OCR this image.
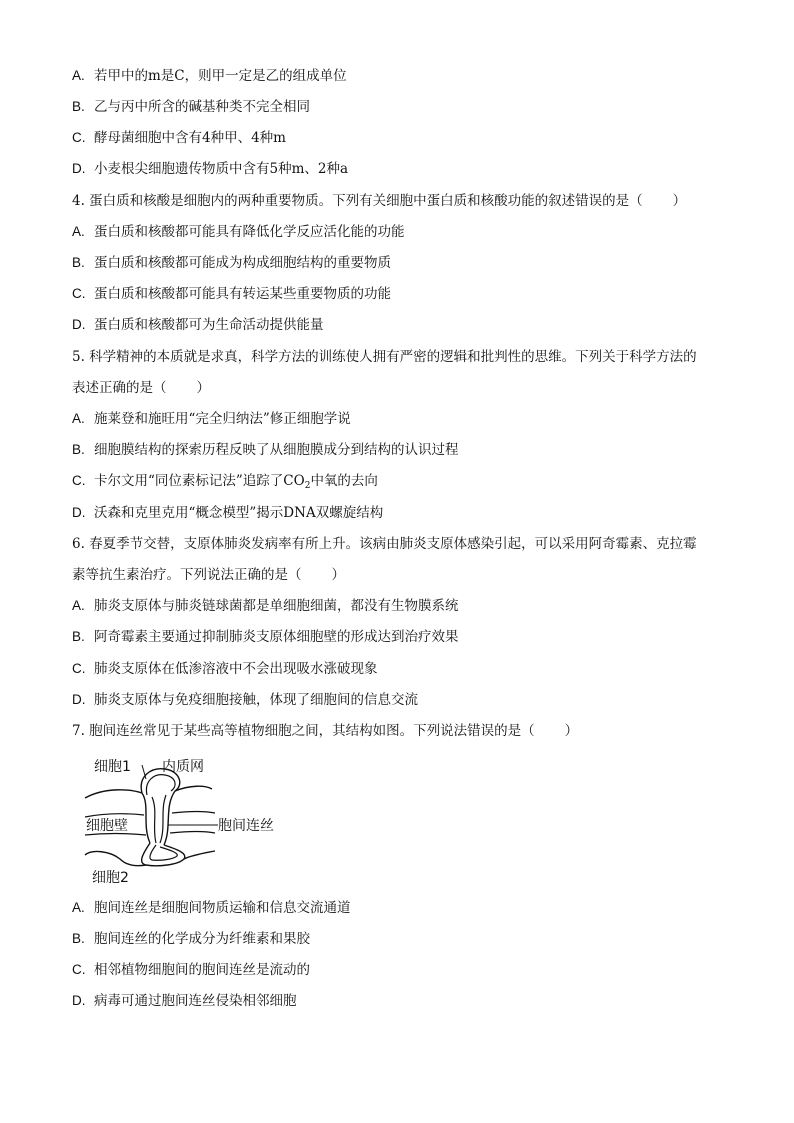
A. 若甲中的m是C，则甲一定是乙的组成单位
B. 乙与丙中所含的碱基种类不完全相同
C. 酵母菌细胞中含有4种甲、4种m
D. 小麦根尖细胞遗传物质中含有5种m、2种a
4. 蛋白质和核酸是细胞内的两种重要物质。下列有关细胞中蛋白质和核酸功能的叙述错误的是（ ）
A. 蛋白质和核酸都可能具有降低化学反应活化能的功能
B. 蛋白质和核酸都可能成为构成细胞结构的重要物质
C. 蛋白质和核酸都可能具有转运某些重要物质的功能
D. 蛋白质和核酸都可为生命活动提供能量
5. 科学精神的本质就是求真，科学方法的训练使人拥有严密的逻辑和批判性的思维。下列关于科学方法的
表述正确的是（ ）
A. 施莱登和施旺用“完全归纳法”修正细胞学说
B. 细胞膜结构的探索历程反映了从细胞膜成分到结构的认识过程
C. 卡尔文用“同位素标记法”追踪了$CO_2$中氧的去向
D. 沃森和克里克用“概念模型”揭示DNA双螺旋结构
6. 春夏季节交替，支原体肺炎发病率有所上升。该病由肺炎支原体感染引起，可以采用阿奇霉素、克拉霉
素等抗生素治疗。下列说法正确的是（ ）
A. 肺炎支原体与肺炎链球菌都是单细胞细菌，都没有生物膜系统
B. 阿奇霉素主要通过抑制肺炎支原体细胞壁的形成达到治疗效果
C. 肺炎支原体在低渗溶液中不会出现吸水涨破现象
D. 肺炎支原体与免疫细胞接触，体现了细胞间的信息交流
7. 胞间连丝常见于某些高等植物细胞之间，其结构如图。下列说法错误的是（ ）
细胞1 内质网
细胞壁	胞间连丝
细胞2
A. 胞间连丝是细胞间物质运输和信息交流通道
B. 胞间连丝的化学成分为纤维素和果胶
C. 相邻植物细胞间的胞间连丝是流动的
D. 病毒可通过胞间连丝侵染相邻细胞
